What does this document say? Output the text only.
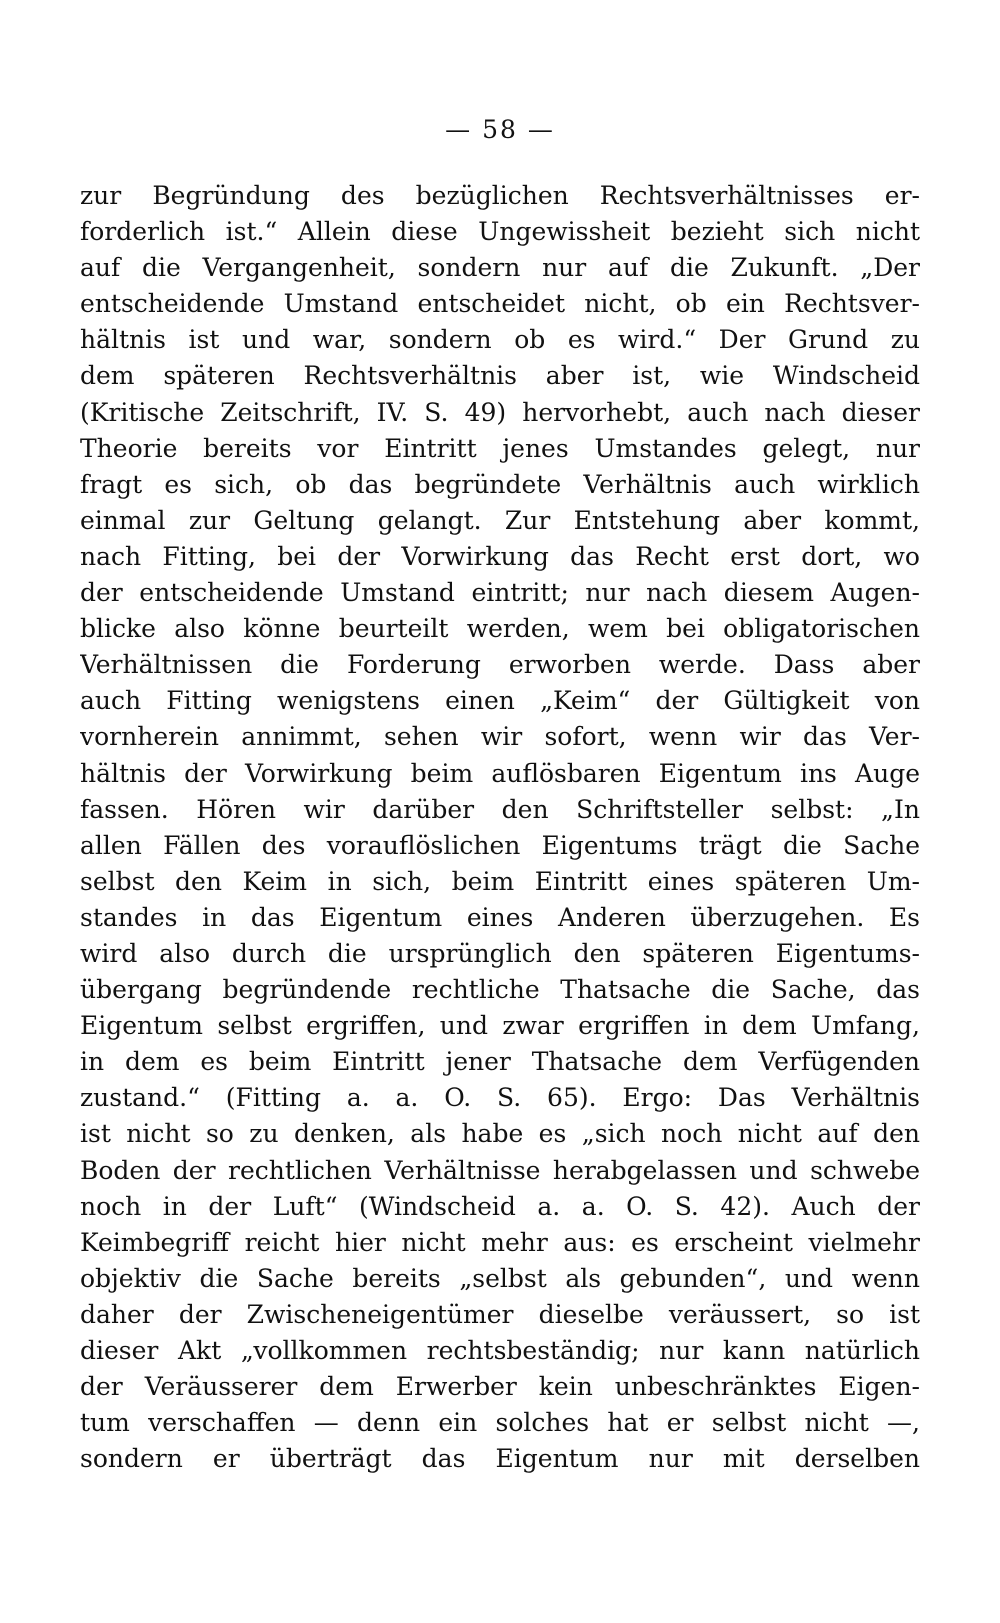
— 58 —
zur Begründung des bezüglichen Rechtsverhältnisses er-
forderlich ist.“ Allein diese Ungewissheit bezieht sich nicht
auf die Vergangenheit, sondern nur auf die Zukunft. „Der
entscheidende Umstand entscheidet nicht, ob ein Rechtsver-
hältnis ist und war, sondern ob es wird.“ Der Grund zu
dem späteren Rechtsverhältnis aber ist, wie Windscheid
(Kritische Zeitschrift, IV. S. 49) hervorhebt, auch nach dieser
Theorie bereits vor Eintritt jenes Umstandes gelegt, nur
fragt es sich, ob das begründete Verhältnis auch wirklich
einmal zur Geltung gelangt. Zur Entstehung aber kommt,
nach Fitting, bei der Vorwirkung das Recht erst dort, wo
der entscheidende Umstand eintritt; nur nach diesem Augen-
blicke also könne beurteilt werden, wem bei obligatorischen
Verhältnissen die Forderung erworben werde. Dass aber
auch Fitting wenigstens einen „Keim“ der Gültigkeit von
vornherein annimmt, sehen wir sofort, wenn wir das Ver-
hältnis der Vorwirkung beim auflösbaren Eigentum ins Auge
fassen. Hören wir darüber den Schriftsteller selbst: „In
allen Fällen des vorauflöslichen Eigentums trägt die Sache
selbst den Keim in sich, beim Eintritt eines späteren Um-
standes in das Eigentum eines Anderen überzugehen. Es
wird also durch die ursprünglich den späteren Eigentums-
übergang begründende rechtliche Thatsache die Sache, das
Eigentum selbst ergriffen, und zwar ergriffen in dem Umfang,
in dem es beim Eintritt jener Thatsache dem Verfügenden
zustand.“ (Fitting a. a. O. S. 65). Ergo: Das Verhältnis
ist nicht so zu denken, als habe es „sich noch nicht auf den
Boden der rechtlichen Verhältnisse herabgelassen und schwebe
noch in der Luft“ (Windscheid a. a. O. S. 42). Auch der
Keimbegriff reicht hier nicht mehr aus: es erscheint vielmehr
objektiv die Sache bereits „selbst als gebunden“, und wenn
daher der Zwischeneigentümer dieselbe veräussert, so ist
dieser Akt „vollkommen rechtsbeständig; nur kann natürlich
der Veräusserer dem Erwerber kein unbeschränktes Eigen-
tum verschaffen — denn ein solches hat er selbst nicht —,
sondern er überträgt das Eigentum nur mit derselben
